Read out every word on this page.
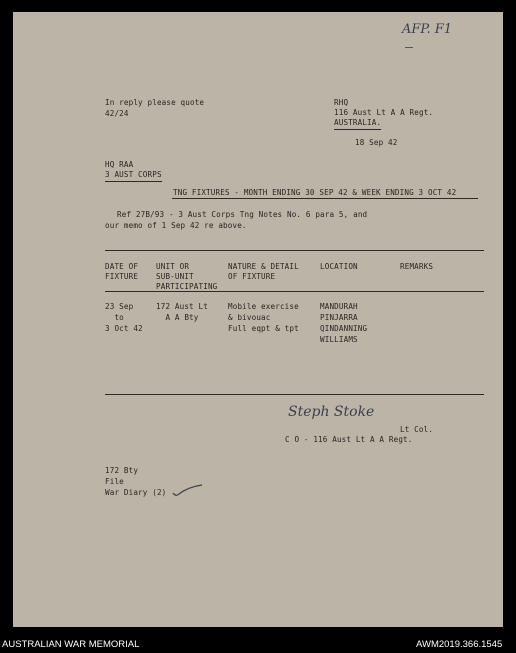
AFP. F1
In reply please quote
42/24
RHQ
116 Aust Lt A A Regt.
AUSTRALIA.
18 Sep 42
HQ RAA
3 AUST CORPS
TNG FIXTURES - MONTH ENDING 30 SEP 42 & WEEK ENDING 3 OCT 42
Ref 27B/93 - 3 Aust Corps Tng Notes No. 6 para 5, and
our memo of 1 Sep 42 re above.
DATE OF
FIXTURE
UNIT OR
SUB-UNIT
PARTICIPATING
NATURE & DETAIL
OF FIXTURE
LOCATION	REMARKS
23 Sep
to
3 Oct 42
172 Aust Lt
A A Bty
Mobile exercise
& bivouac
Full eqpt & tpt
MANDURAH
PINJARRA
QINDANNING
WILLIAMS
Steph Stoke
Lt Col.
C O - 116 Aust Lt A A Regt.
172 Bty
File
War Diary (2)
AUSTRALIAN WAR MEMORIAL	AWM2019.366.1545
